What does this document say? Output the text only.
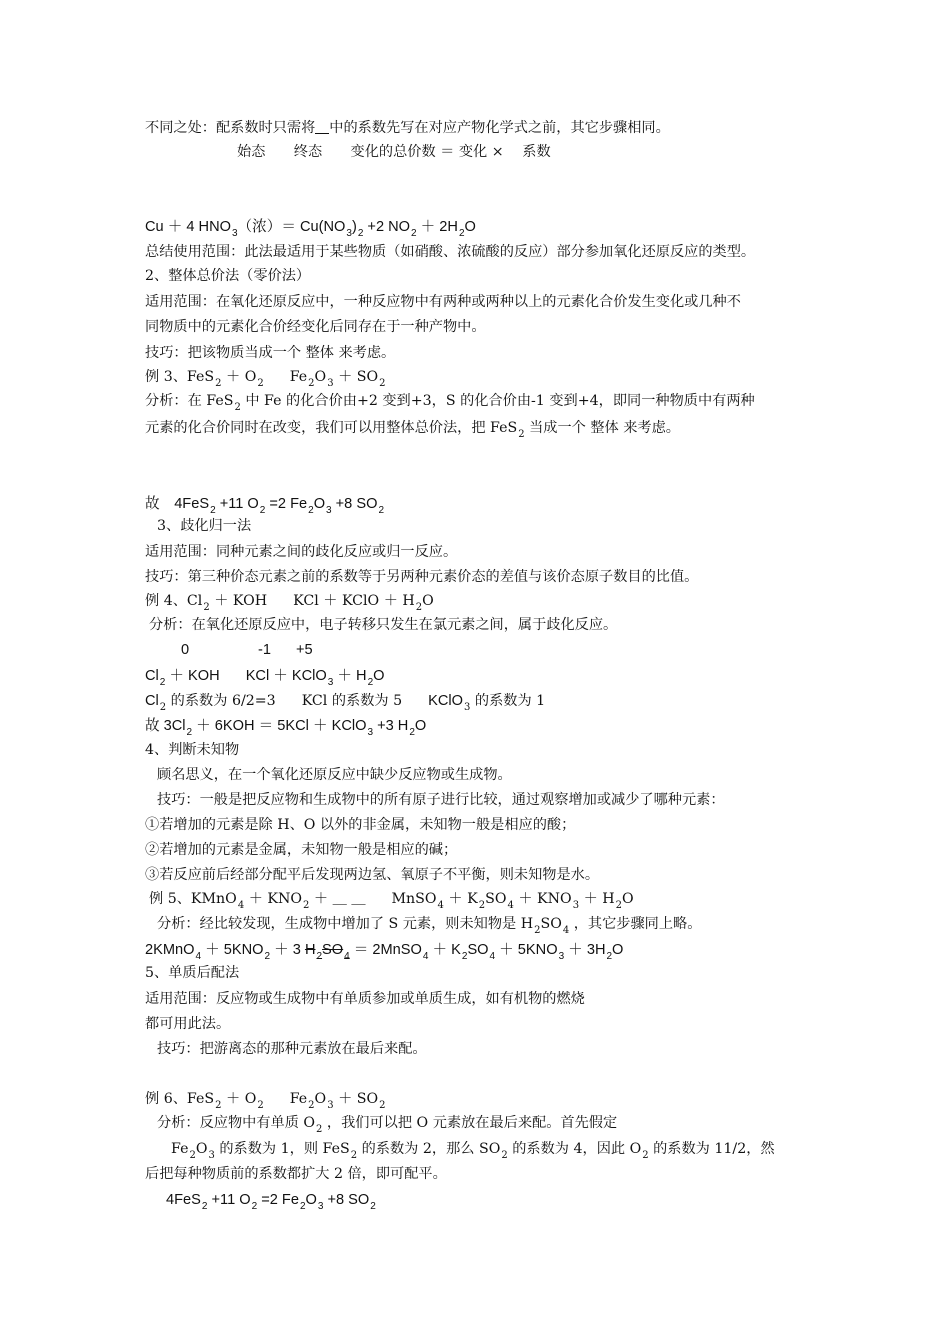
不同之处：配系数时只需将 中的系数先写在对应产物化学式之前，其它步骤相同。
始态　　终态　　变化的总价数 ＝ 变化 × 　系数
Cu ＋ 4 $HNO_3$（浓）＝ $Cu(NO_3)_2 +2$ $NO_2 + 2H_2O$
总结使用范围：此法最适用于某些物质（如硝酸、浓硫酸的反应）部分参加氧化还原反应的类型。
2、整体总价法（零价法）
适用范围：在氧化还原反应中，一种反应物中有两种或两种以上的元素化合价发生变化或几种不
同物质中的元素化合价经变化后同存在于一种产物中。
技巧：把该物质当成一个 整体 来考虑。
例 3、$FeS_2 + O_2$ $Fe_2O_3 + SO_2$
分析：在 FeS$_2$ 中 Fe 的化合价由+2 变到+3，S 的化合价由-1 变到+4，即同一种物质中有两种
元素的化合价同时在改变，我们可以用整体总价法，把 FeS$_2$ 当成一个 整体 来考虑。
故　4FeS$_2$ +11 $O_2 =2$ $Fe_2O_3 +8$ $SO_2$
3、歧化归一法
适用范围：同种元素之间的歧化反应或归一反应。
技巧：第三种价态元素之前的系数等于另两种元素价态的差值与该价态原子数目的比值。
例 4、$Cl_2$ ＋ KOH KCl ＋ KClO ＋ $H_2O$
分析：在氧化还原反应中，电子转移只发生在氯元素之间，属于歧化反应。
0	-1 +5
$Cl_2$ ＋ KOH KCl ＋ KClO$_3$ ＋ $H_2O$
$Cl_2$ 的系数为 6/2=3 KCl 的系数为 5 KClO$_3$ 的系数为 1
故 $3Cl_2 + 6KOH = 5KCl$ ＋ KClO$_3$ +3 $H_2O$
4、判断未知物
顾名思义，在一个氧化还原反应中缺少反应物或生成物。
技巧：一般是把反应物和生成物中的所有原子进行比较，通过观察增加或减少了哪种元素：
①若增加的元素是除 H、O 以外的非金属，未知物一般是相应的酸；
②若增加的元素是金属，未知物一般是相应的碱；
③若反应前后经部分配平后发现两边氢、氧原子不平衡，则未知物是水。
例 5、KMnO$_4$ ＋ $KNO_2$ ＋ ＿ ＿ MnSO$_4$ ＋ $K_2SO_4 + KNO_3 + H_2O$
分析：经比较发现，生成物中增加了 S 元素，则未知物是 $H_2SO_4$ ，其它步骤同上略。
2KMnO$_4$ ＋ $5KNO_2 + 3$ $H_2SO_4$ ＝ 2MnSO$_4$ ＋ $K_2SO_4 + 5KNO_3 + 3H_2O$
5、单质后配法
适用范围：反应物或生成物中有单质参加或单质生成，如有机物的燃烧
都可用此法。
技巧：把游离态的那种元素放在最后来配。
例 6、$FeS_2 + O_2$ $Fe_2O_3 + SO_2$
分析：反应物中有单质 $O_2$ ，我们可以把 O 元素放在最后来配。首先假定
$Fe_2O_3$ 的系数为 1，则 FeS$_2$ 的系数为 2，那么 $SO_2$ 的系数为 4，因此 $O_2$ 的系数为 11/2，然
后把每种物质前的系数都扩大 2 倍，即可配平。
4FeS$_2$ +11 $O_2 =2$ $Fe_2O_3 +8$ $SO_2$
